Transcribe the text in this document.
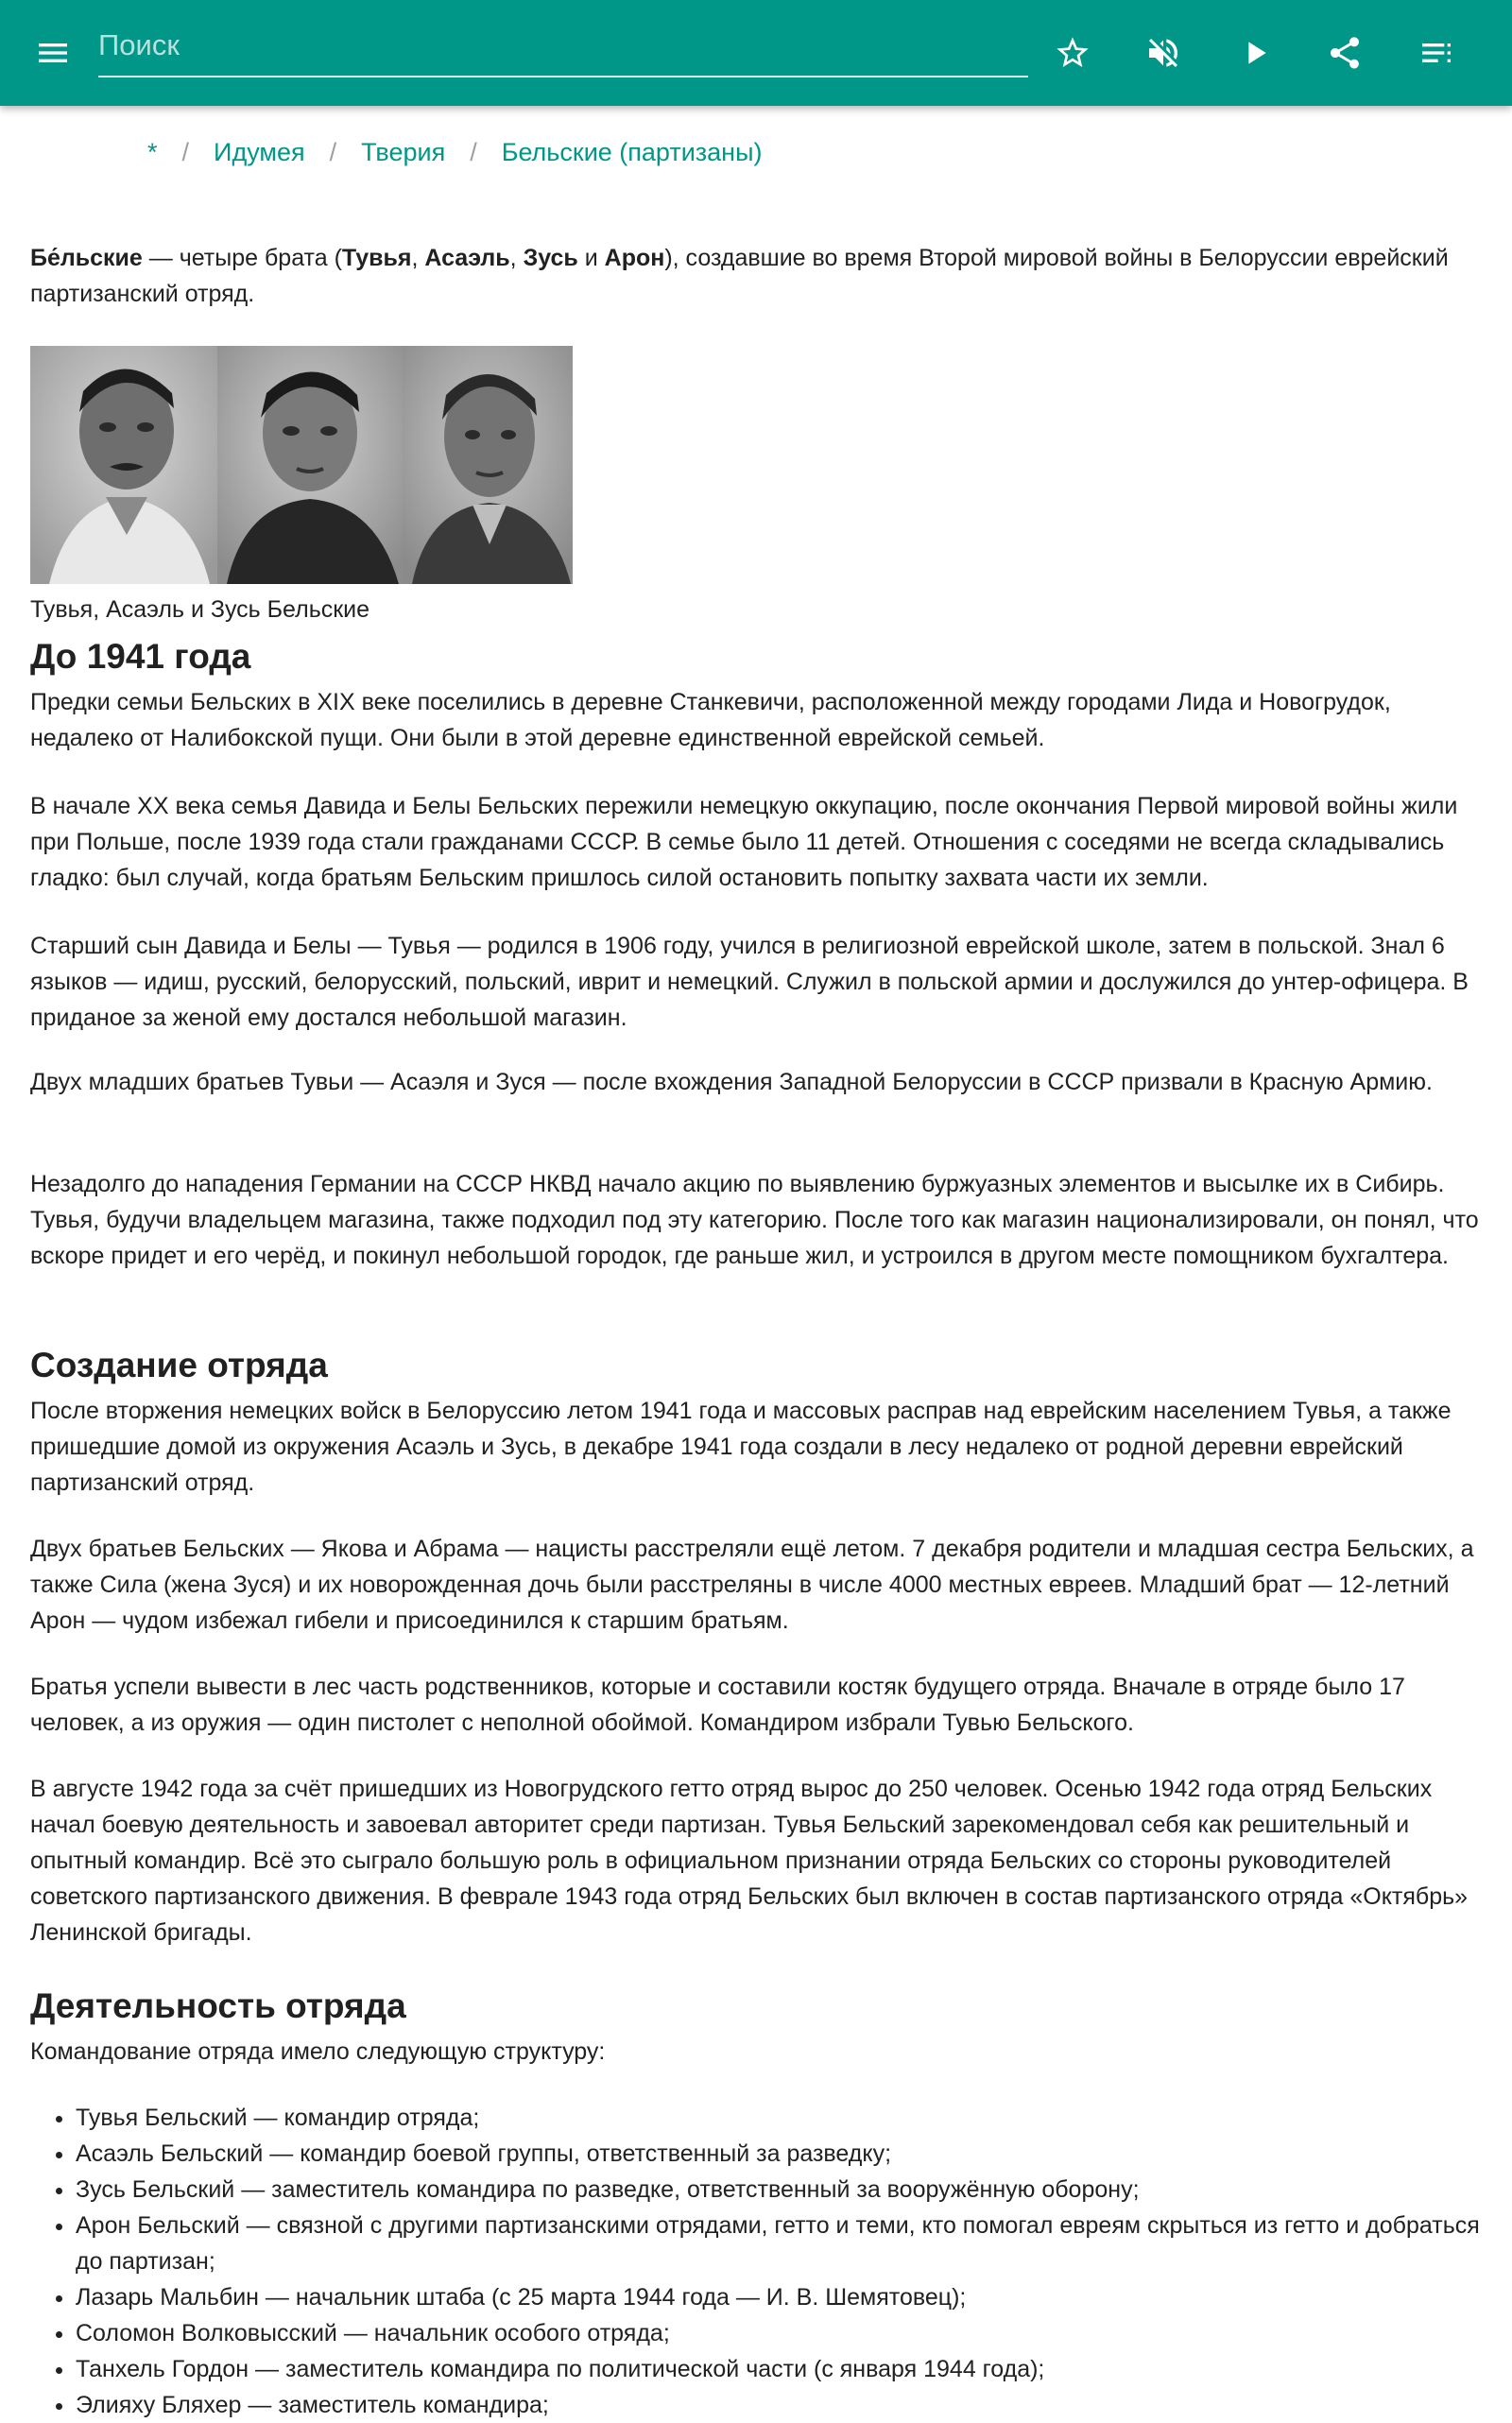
Поиск
* / Идумея / Тверия / Бельские (партизаны)

Бе́льские — четыре брата (Тувья, Асаэль, Зусь и Арон), создавшие во время Второй мировой войны в Белоруссии еврейский партизанский отряд.

Тувья, Асаэль и Зусь Бельские
До 1941 года

Предки семьи Бельских в XIX веке поселились в деревне Станкевичи, расположенной между городами Лида и Новогрудок, недалеко от Налибокской пущи. Они были в этой деревне единственной еврейской семьей.

В начале XX века семья Давида и Белы Бельских пережили немецкую оккупацию, после окончания Первой мировой войны жили при Польше, после 1939 года стали гражданами СССР. В семье было 11 детей. Отношения с соседями не всегда складывались гладко: был случай, когда братьям Бельским пришлось силой остановить попытку захвата части их земли.

Старший сын Давида и Белы — Тувья — родился в 1906 году, учился в религиозной еврейской школе, затем в польской. Знал 6 языков — идиш, русский, белорусский, польский, иврит и немецкий. Служил в польской армии и дослужился до унтер-офицера. В приданое за женой ему достался небольшой магазин.

Двух младших братьев Тувьи — Асаэля и Зуся — после вхождения Западной Белоруссии в СССР призвали в Красную Армию.

Незадолго до нападения Германии на СССР НКВД начало акцию по выявлению буржуазных элементов и высылке их в Сибирь. Тувья, будучи владельцем магазина, также подходил под эту категорию. После того как магазин национализировали, он понял, что вскоре придет и его черёд, и покинул небольшой городок, где раньше жил, и устроился в другом месте помощником бухгалтера.

Создание отряда

После вторжения немецких войск в Белоруссию летом 1941 года и массовых расправ над еврейским населением Тувья, а также пришедшие домой из окружения Асаэль и Зусь, в декабре 1941 года создали в лесу недалеко от родной деревни еврейский партизанский отряд.

Двух братьев Бельских — Якова и Абрама — нацисты расстреляли ещё летом. 7 декабря родители и младшая сестра Бельских, а также Сила (жена Зуся) и их новорожденная дочь были расстреляны в числе 4000 местных евреев. Младший брат — 12-летний Арон — чудом избежал гибели и присоединился к старшим братьям.

Братья успели вывести в лес часть родственников, которые и составили костяк будущего отряда. Вначале в отряде было 17 человек, а из оружия — один пистолет с неполной обоймой. Командиром избрали Тувью Бельского.

В августе 1942 года за счёт пришедших из Новогрудского гетто отряд вырос до 250 человек. Осенью 1942 года отряд Бельских начал боевую деятельность и завоевал авторитет среди партизан. Тувья Бельский зарекомендовал себя как решительный и опытный командир. Всё это сыграло большую роль в официальном признании отряда Бельских со стороны руководителей советского партизанского движения. В феврале 1943 года отряд Бельских был включен в состав партизанского отряда «Октябрь» Ленинской бригады.

Деятельность отряда

Командование отряда имело следующую структуру:

• Тувья Бельский — командир отряда;
• Асаэль Бельский — командир боевой группы, ответственный за разведку;
• Зусь Бельский — заместитель командира по разведке, ответственный за вооружённую оборону;
• Арон Бельский — связной с другими партизанскими отрядами, гетто и теми, кто помогал евреям скрыться из гетто и добраться до партизан;
• Лазарь Мальбин — начальник штаба (с 25 марта 1944 года — И. В. Шемятовец);
• Соломон Волковысский — начальник особого отряда;
• Танхель Гордон — заместитель командира по политической части (с января 1944 года);
• Элияху Бляхер — заместитель командира;
